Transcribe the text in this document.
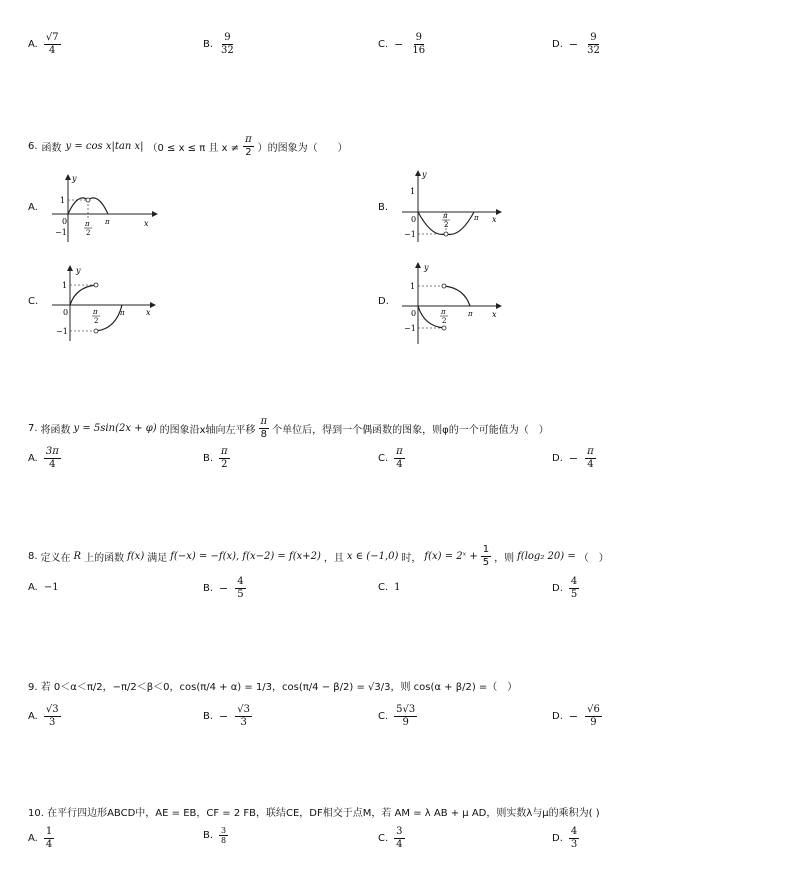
A. $\frac{√7}{4}$	B. $\frac{9}{32}$	C. − $\frac{9}{16}$	D. − $\frac{9}{32}$
6. 函数 y = cos x|tan x| （0 ≤ x ≤ π 且 $x \ne \frac{\pi}{2}$ ）的图象为（　　）
A.	B.
C.	D.
y
x
1
0
−1
π
2
π
y
x
1
0
−1
π
2
π
y
x
1
0
−1
π
2
π
y
x
1
0
−1
π
2
π
7. 将函数 y = 5sin(2x + φ) 的图象沿x轴向左平移 $\frac{\pi}{8}$ 个单位后，得到一个偶函数的图象，则φ的一个可能值为（　）
A. $\frac{3\pi}{4}$	B. $\frac{\pi}{2}$	C. $\frac{\pi}{4}$	D. − $\frac{\pi}{4}$
8. 定义在 R 上的函数 f(x) 满足 f(−x) = −f(x), f(x−2) = f(x+2) ，且 x ∈ (−1,0) 时， f(x) = 2ˣ + $\frac{1}{5}$ ，则 f(log₂ 20) = （　）
A. −1	B. − $\frac{4}{5}$	C. 1	D. $\frac{4}{5}$
9. 若 0＜α＜π/2，−π/2＜β＜0，cos(π/4 + α) = 1/3，cos(π/4 − β/2) = √3/3，则 cos(α + β/2) =（　）
A. $\frac{√3}{3}$	B. − $\frac{√3}{3}$	C. $\frac{5√3}{9}$	D. − $\frac{√6}{9}$
10. 在平行四边形ABCD中，AE = EB，CF = 2 FB，联结CE，DF相交于点M，若 AM = λ AB + μ AD，则实数λ与μ的乘积为( )
A. $\frac{1}{4}$	B. $\frac{3}{8}$	C. $\frac{3}{4}$	D. $\frac{4}{3}$
